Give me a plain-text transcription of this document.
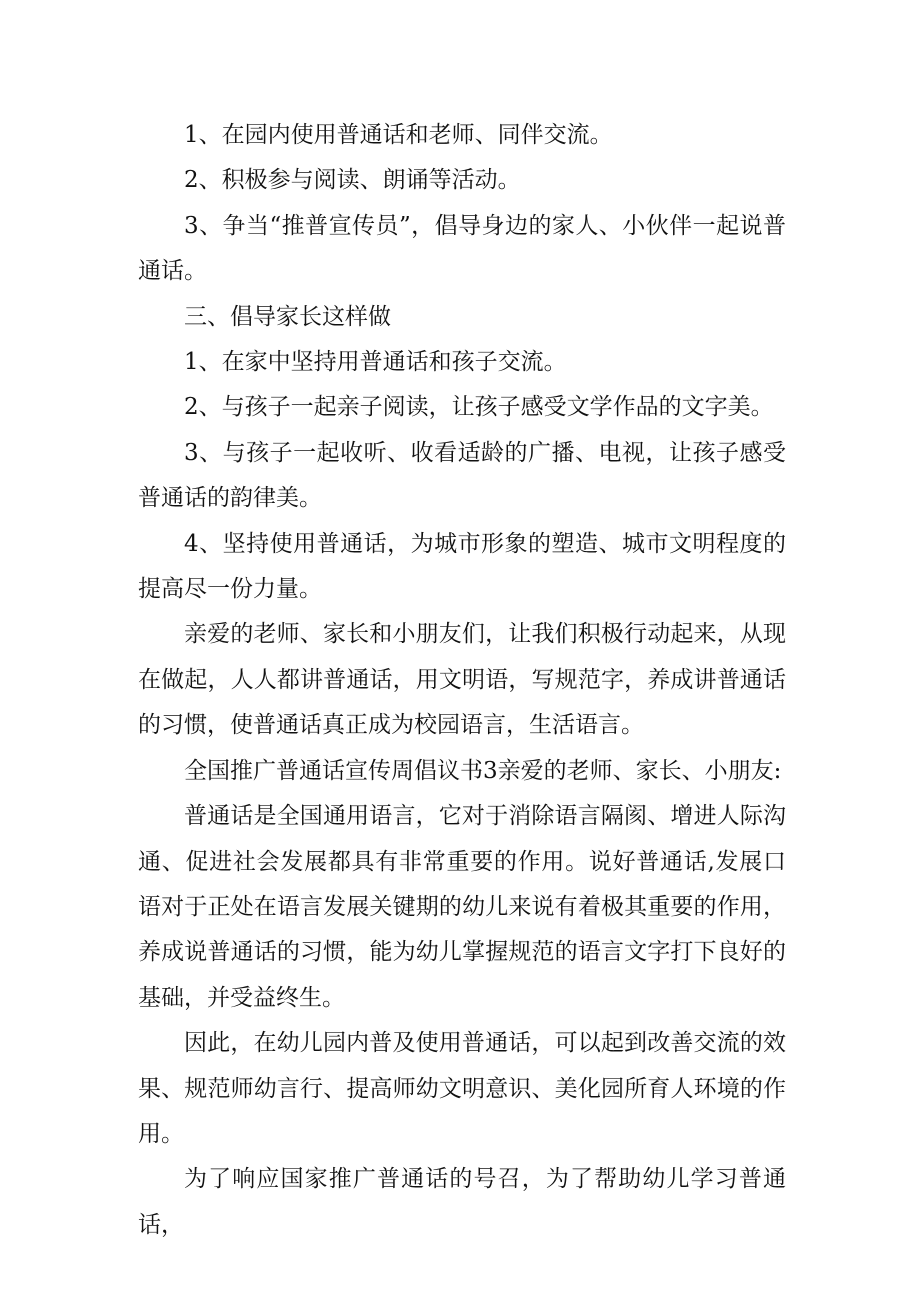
1、在园内使用普通话和老师、同伴交流。

2、积极参与阅读、朗诵等活动。

3、争当“推普宣传员”，倡导身边的家人、小伙伴一起说普通话。

三、倡导家长这样做

1、在家中坚持用普通话和孩子交流。

2、与孩子一起亲子阅读，让孩子感受文学作品的文字美。

3、与孩子一起收听、收看适龄的广播、电视，让孩子感受普通话的韵律美。

4、坚持使用普通话，为城市形象的塑造、城市文明程度的提高尽一份力量。

亲爱的老师、家长和小朋友们，让我们积极行动起来，从现在做起，人人都讲普通话，用文明语，写规范字，养成讲普通话的习惯，使普通话真正成为校园语言，生活语言。

全国推广普通话宣传周倡议书3亲爱的老师、家长、小朋友:

普通话是全国通用语言，它对于消除语言隔阂、增进人际沟通、促进社会发展都具有非常重要的作用。说好普通话,发展口语对于正处在语言发展关键期的幼儿来说有着极其重要的作用，养成说普通话的习惯，能为幼儿掌握规范的语言文字打下良好的基础，并受益终生。

因此，在幼儿园内普及使用普通话，可以起到改善交流的效果、规范师幼言行、提高师幼文明意识、美化园所育人环境的作用。

为了响应国家推广普通话的号召，为了帮助幼儿学习普通话，
